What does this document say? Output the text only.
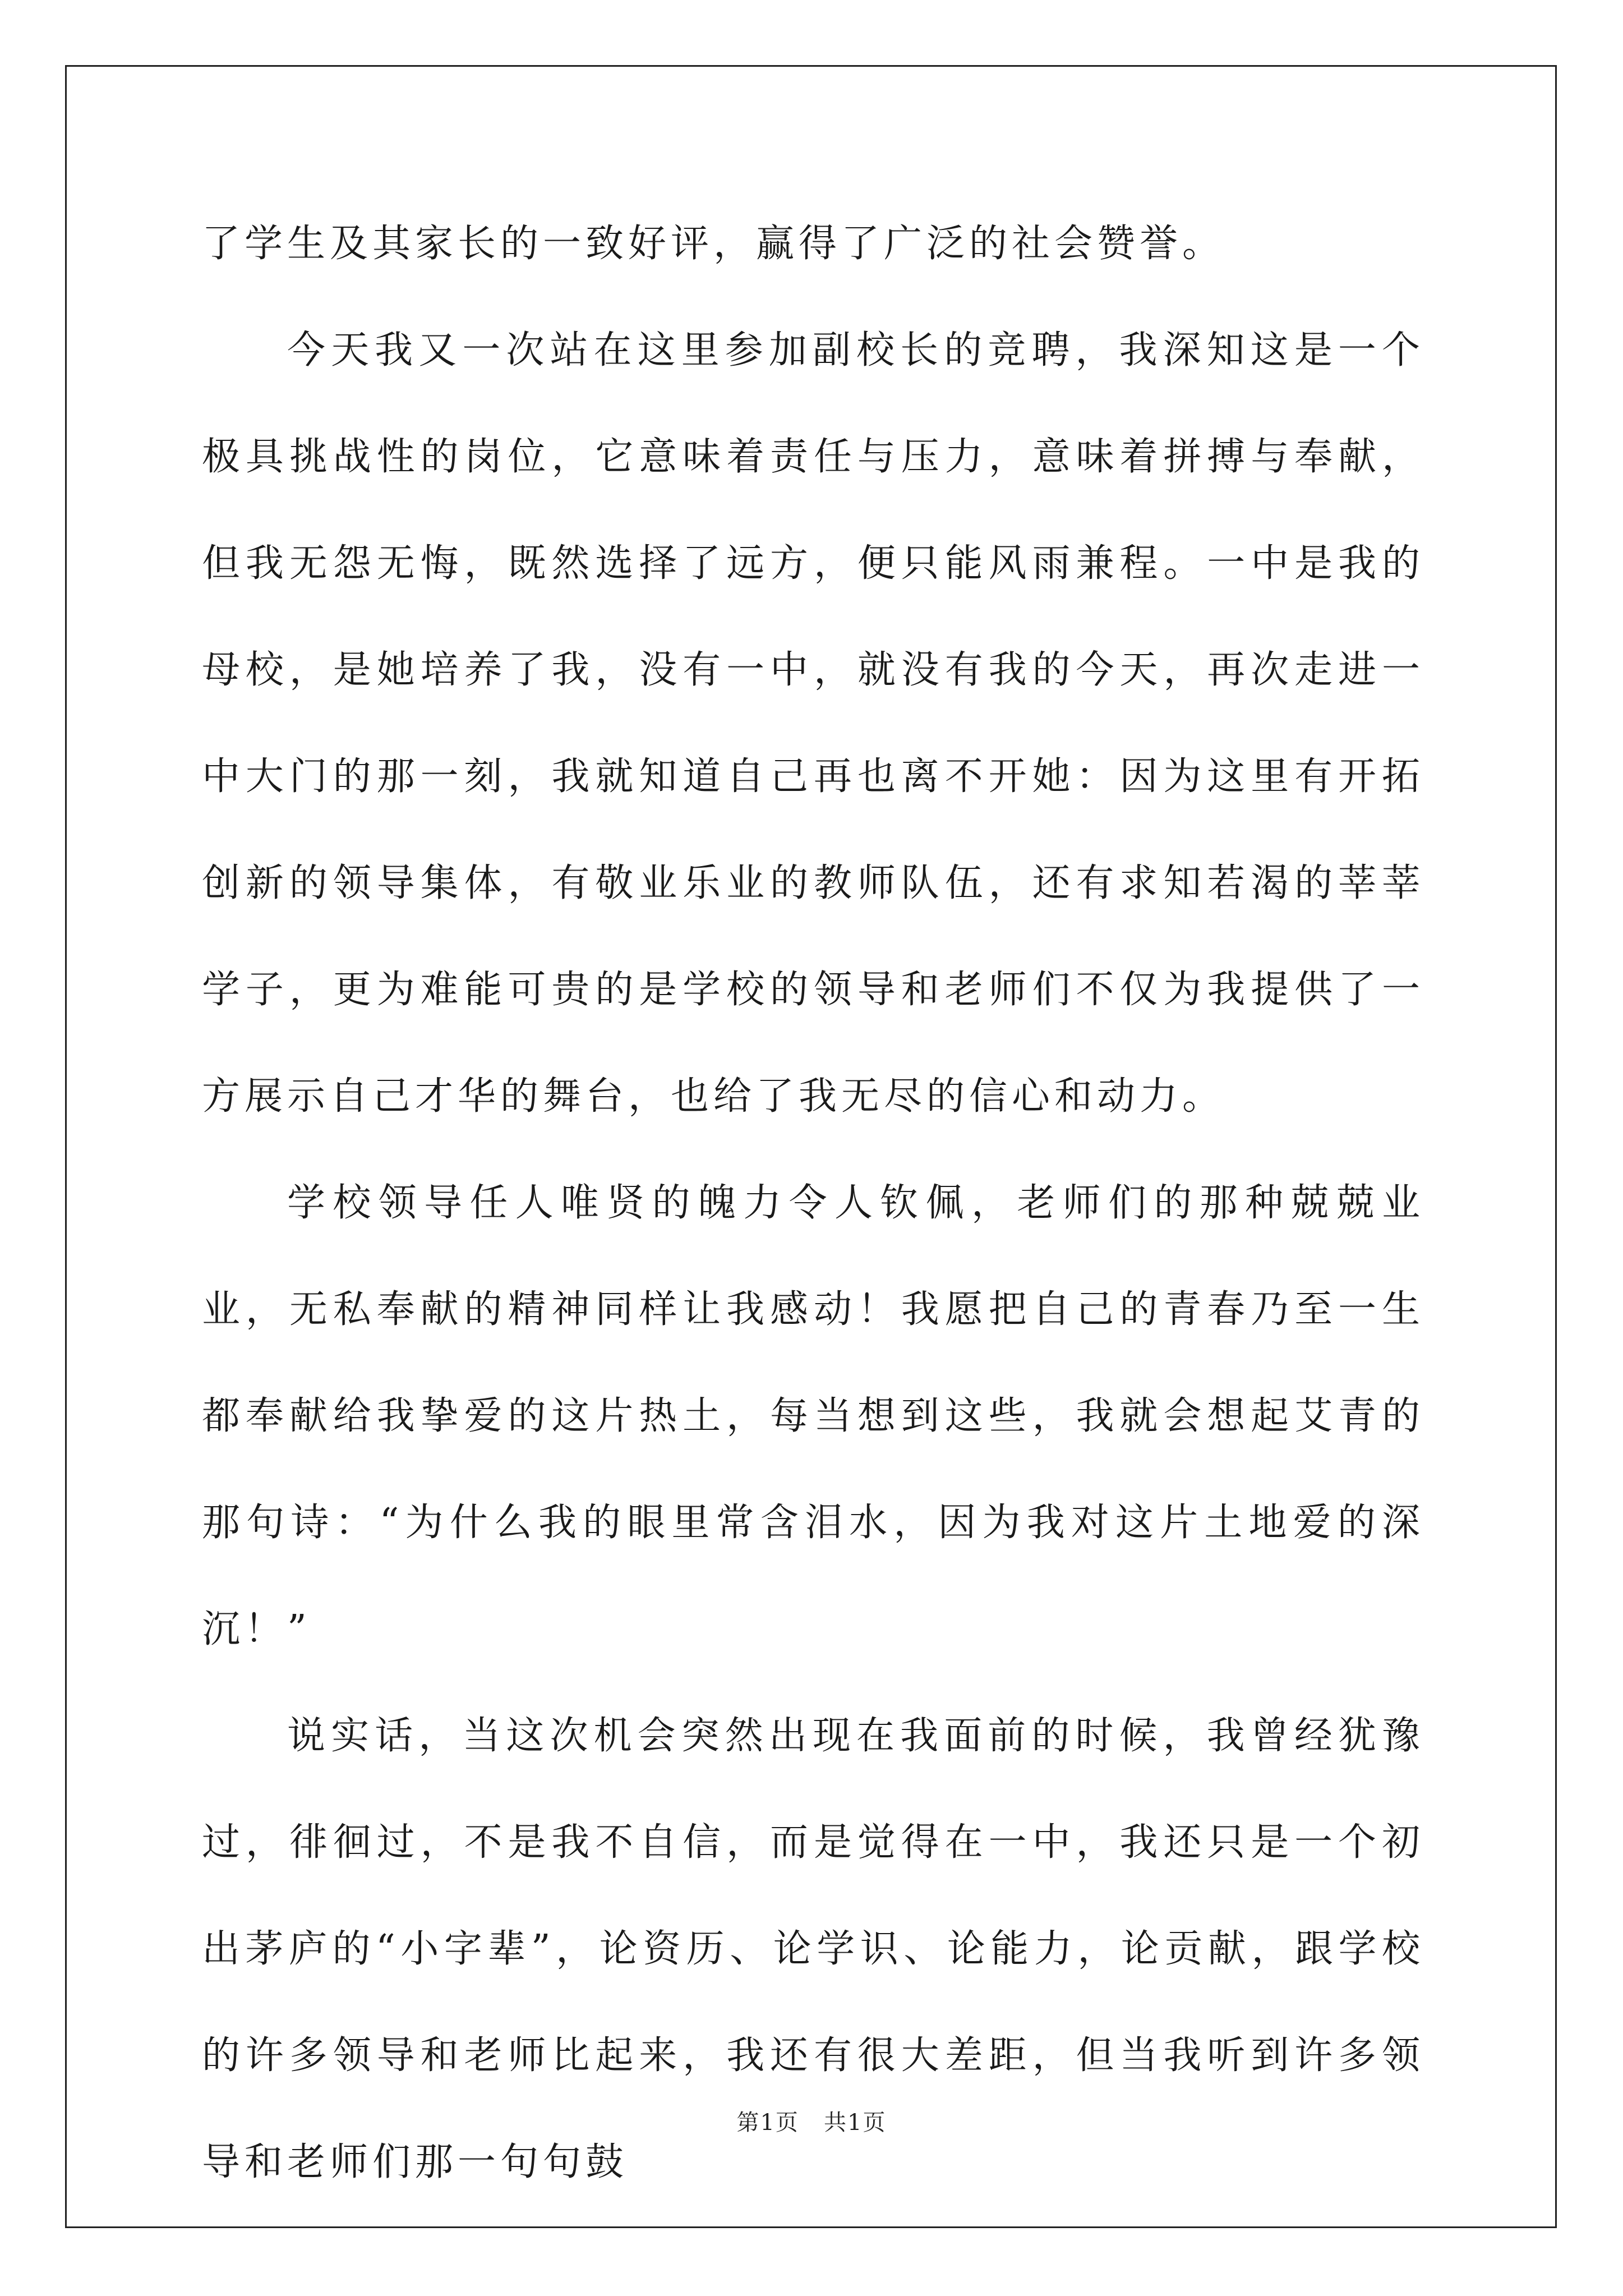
了学生及其家长的一致好评，赢得了广泛的社会赞誉。

今天我又一次站在这里参加副校长的竞聘，我深知这是一个极具挑战性的岗位，它意味着责任与压力，意味着拼搏与奉献，但我无怨无悔，既然选择了远方，便只能风雨兼程。一中是我的母校，是她培养了我，没有一中，就没有我的今天，再次走进一中大门的那一刻，我就知道自己再也离不开她：因为这里有开拓创新的领导集体，有敬业乐业的教师队伍，还有求知若渴的莘莘学子，更为难能可贵的是学校的领导和老师们不仅为我提供了一方展示自己才华的舞台，也给了我无尽的信心和动力。

学校领导任人唯贤的魄力令人钦佩，老师们的那种兢兢业业，无私奉献的精神同样让我感动！我愿把自己的青春乃至一生都奉献给我挚爱的这片热土，每当想到这些，我就会想起艾青的那句诗：“为什么我的眼里常含泪水，因为我对这片土地爱的深沉！”

说实话，当这次机会突然出现在我面前的时候，我曾经犹豫过，徘徊过，不是我不自信，而是觉得在一中，我还只是一个初出茅庐的“小字辈”，论资历、论学识、论能力，论贡献，跟学校的许多领导和老师比起来，我还有很大差距，但当我听到许多领导和老师们那一句句鼓

第1页   共1页
